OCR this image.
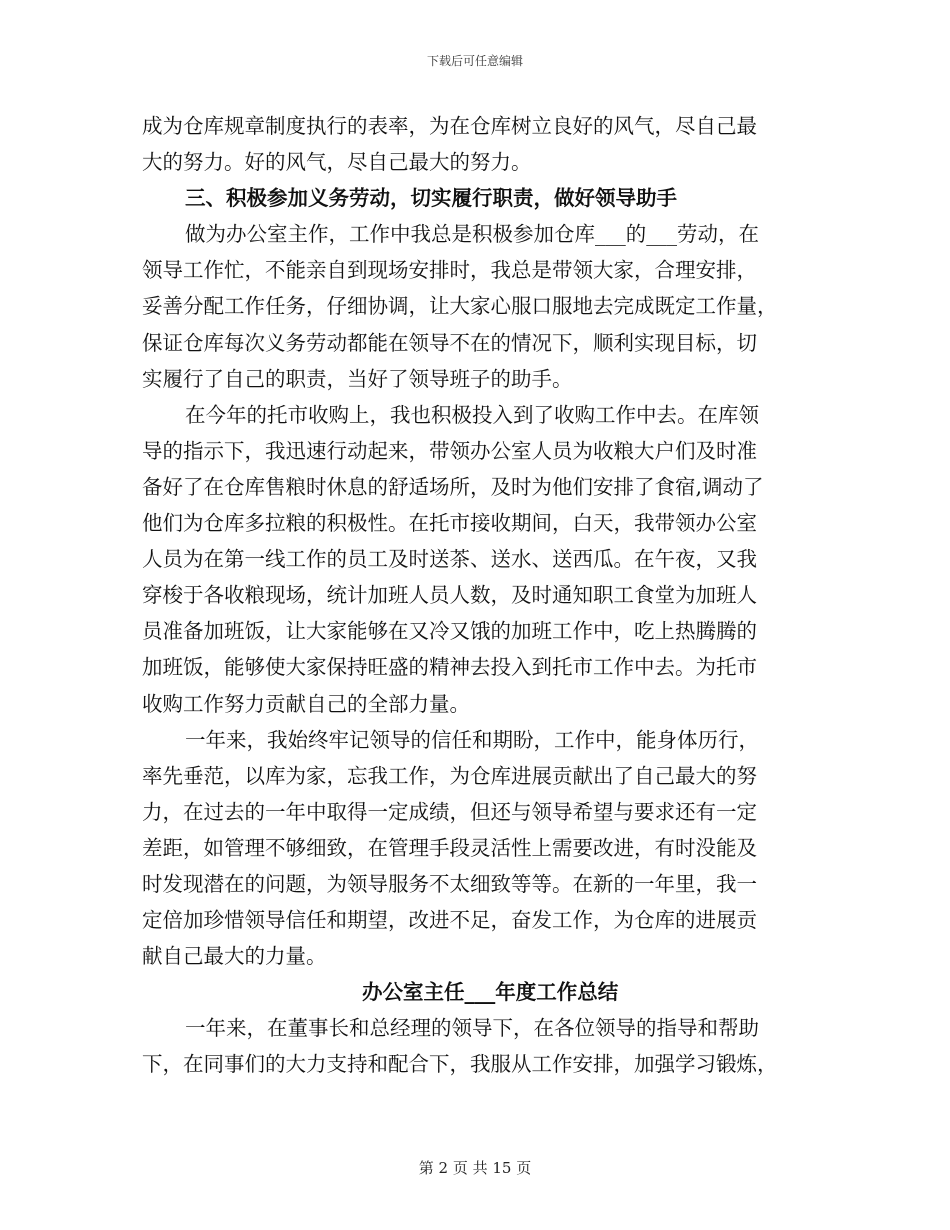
下载后可任意编辑
成为仓库规章制度执行的表率，为在仓库树立良好的风气，尽自己最
大的努力。好的风气，尽自己最大的努力。
三、积极参加义务劳动，切实履行职责，做好领导助手
做为办公室主作，工作中我总是积极参加仓库___的___劳动，在
领导工作忙，不能亲自到现场安排时，我总是带领大家，合理安排，
妥善分配工作任务，仔细协调，让大家心服口服地去完成既定工作量，
保证仓库每次义务劳动都能在领导不在的情况下，顺利实现目标，切
实履行了自己的职责，当好了领导班子的助手。
在今年的托市收购上，我也积极投入到了收购工作中去。在库领
导的指示下，我迅速行动起来，带领办公室人员为收粮大户们及时准
备好了在仓库售粮时休息的舒适场所，及时为他们安排了食宿,调动了
他们为仓库多拉粮的积极性。在托市接收期间，白天，我带领办公室
人员为在第一线工作的员工及时送茶、送水、送西瓜。在午夜，又我
穿梭于各收粮现场，统计加班人员人数，及时通知职工食堂为加班人
员准备加班饭，让大家能够在又冷又饿的加班工作中，吃上热腾腾的
加班饭，能够使大家保持旺盛的精神去投入到托市工作中去。为托市
收购工作努力贡献自己的全部力量。
一年来，我始终牢记领导的信任和期盼，工作中，能身体历行，
率先垂范，以库为家，忘我工作，为仓库进展贡献出了自己最大的努
力，在过去的一年中取得一定成绩，但还与领导希望与要求还有一定
差距，如管理不够细致，在管理手段灵活性上需要改进，有时没能及
时发现潜在的问题，为领导服务不太细致等等。在新的一年里，我一
定倍加珍惜领导信任和期望，改进不足，奋发工作，为仓库的进展贡
献自己最大的力量。
办公室主任___年度工作总结
一年来，在董事长和总经理的领导下，在各位领导的指导和帮助
下，在同事们的大力支持和配合下，我服从工作安排，加强学习锻炼，
第 2 页 共 15 页
